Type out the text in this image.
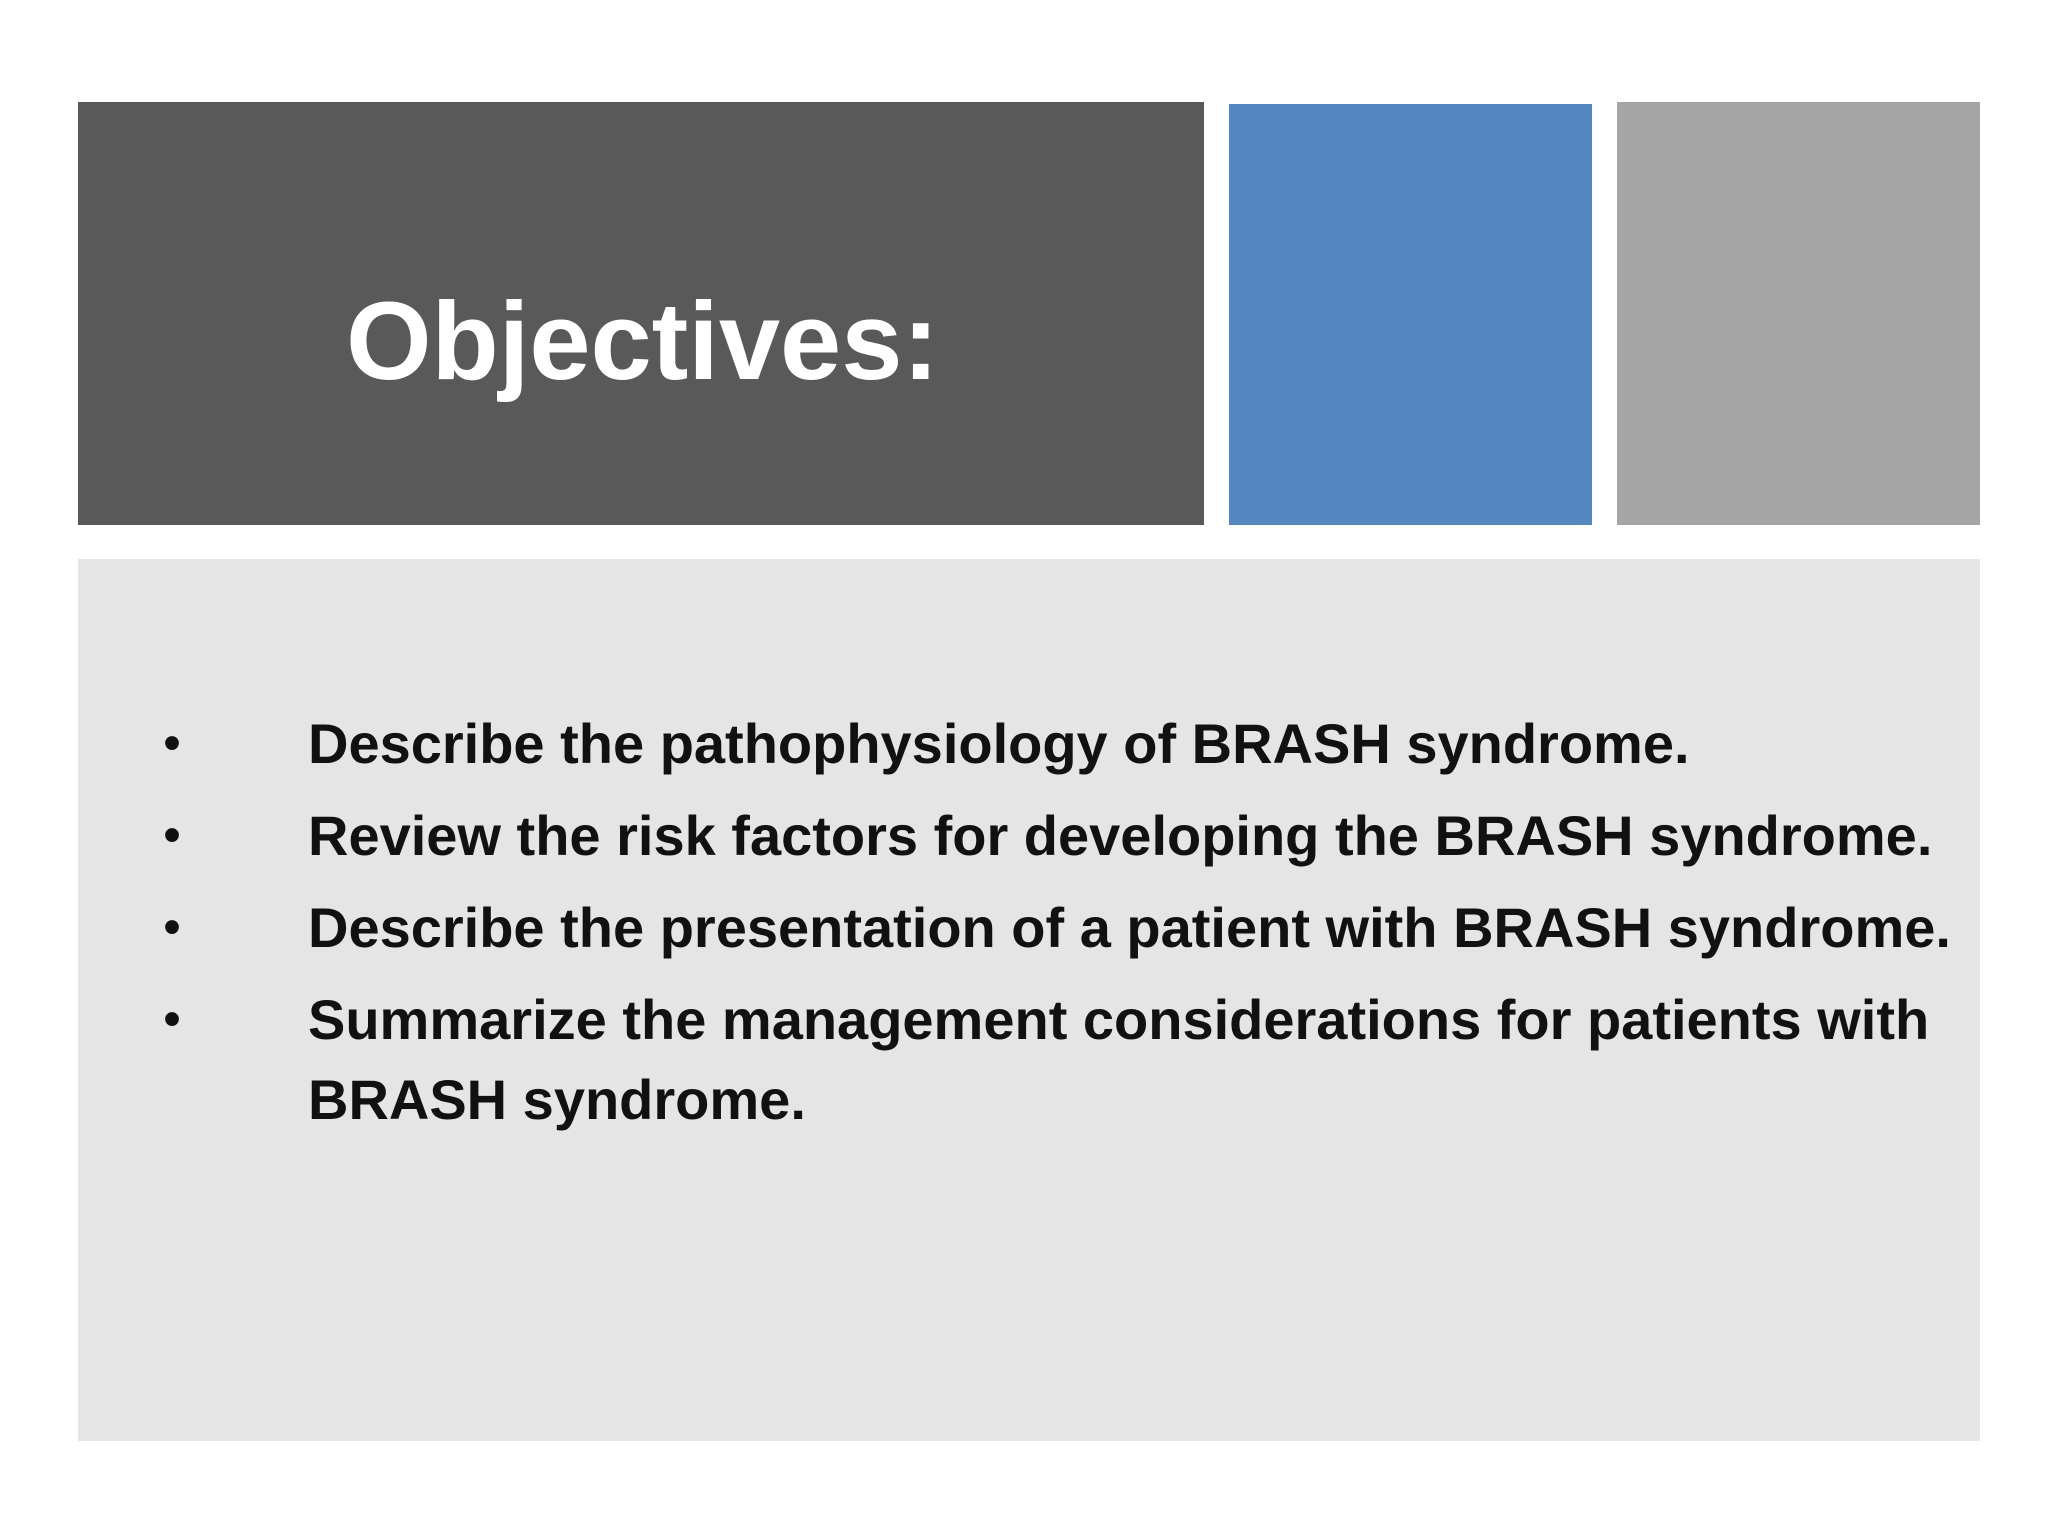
Objectives:
• Describe the pathophysiology of BRASH syndrome.
• Review the risk factors for developing the BRASH syndrome.
• Describe the presentation of a patient with BRASH syndrome.
• Summarize the management considerations for patients with BRASH syndrome.
